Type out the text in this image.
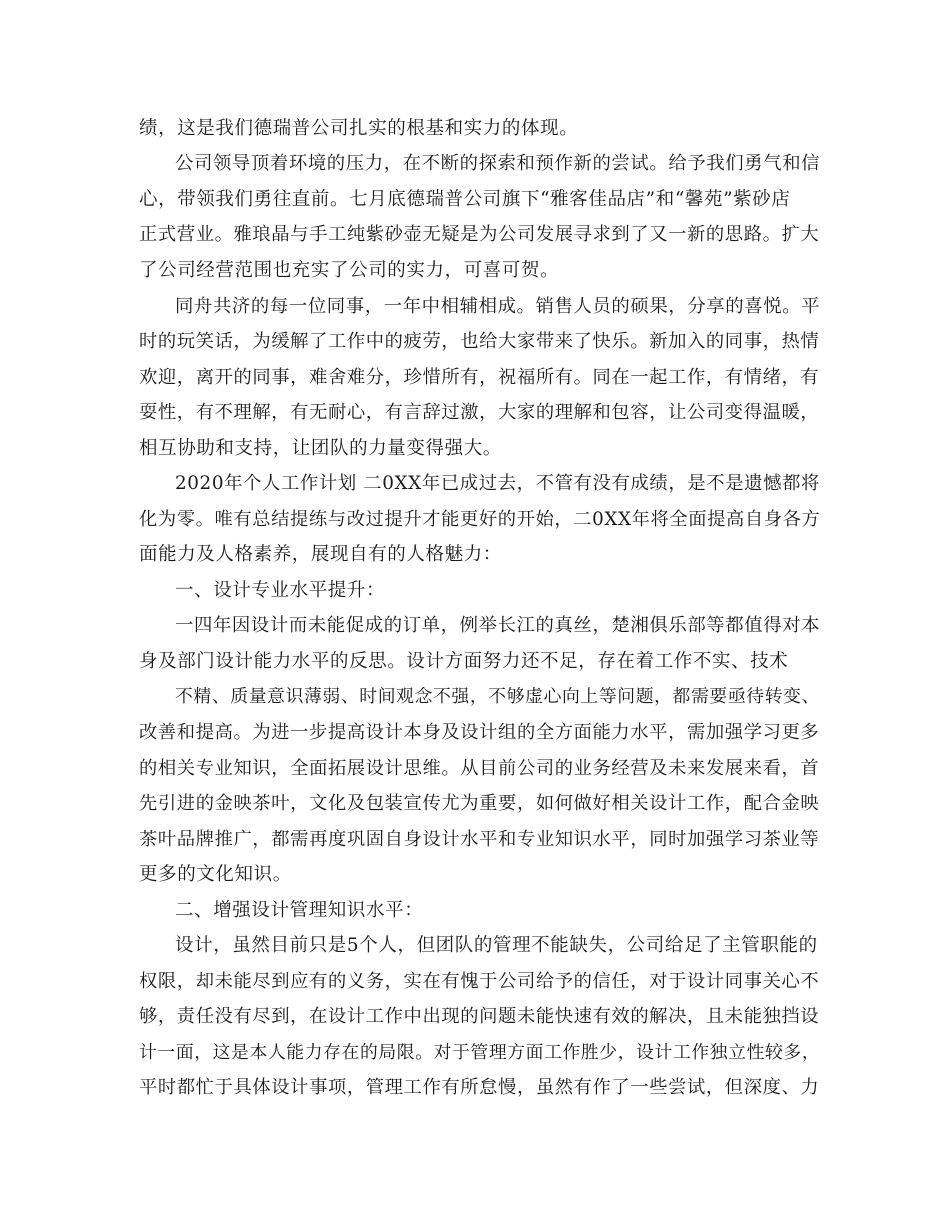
绩，这是我们德瑞普公司扎实的根基和实力的体现。
公司领导顶着环境的压力，在不断的探索和预作新的尝试。给予我们勇气和信
心，带领我们勇往直前。七月底德瑞普公司旗下“雅客佳品店”和“馨苑”紫砂店
正式营业。雅琅晶与手工纯紫砂壶无疑是为公司发展寻求到了又一新的思路。扩大
了公司经营范围也充实了公司的实力，可喜可贺。
同舟共济的每一位同事，一年中相辅相成。销售人员的硕果，分享的喜悦。平
时的玩笑话，为缓解了工作中的疲劳，也给大家带来了快乐。新加入的同事，热情
欢迎，离开的同事，难舍难分，珍惜所有，祝福所有。同在一起工作，有情绪，有
耍性，有不理解，有无耐心，有言辞过激，大家的理解和包容，让公司变得温暖，
相互协助和支持，让团队的力量变得强大。
2020年个人工作计划 二0XX年已成过去，不管有没有成绩，是不是遗憾都将
化为零。唯有总结提练与改过提升才能更好的开始，二0XX年将全面提高自身各方
面能力及人格素养，展现自有的人格魅力：
一、设计专业水平提升：
一四年因设计而未能促成的订单，例举长江的真丝，楚湘俱乐部等都值得对本
身及部门设计能力水平的反思。设计方面努力还不足，存在着工作不实、技术
不精、质量意识薄弱、时间观念不强，不够虚心向上等问题，都需要亟待转变、
改善和提高。为进一步提高设计本身及设计组的全方面能力水平，需加强学习更多
的相关专业知识，全面拓展设计思维。从目前公司的业务经营及未来发展来看，首
先引进的金映茶叶，文化及包装宣传尤为重要，如何做好相关设计工作，配合金映
茶叶品牌推广，都需再度巩固自身设计水平和专业知识水平，同时加强学习茶业等
更多的文化知识。
二、增强设计管理知识水平：
设计，虽然目前只是5个人，但团队的管理不能缺失，公司给足了主管职能的
权限，却未能尽到应有的义务，实在有愧于公司给予的信任，对于设计同事关心不
够，责任没有尽到，在设计工作中出现的问题未能快速有效的解决，且未能独挡设
计一面，这是本人能力存在的局限。对于管理方面工作胜少，设计工作独立性较多，
平时都忙于具体设计事项，管理工作有所怠慢，虽然有作了一些尝试，但深度、力
